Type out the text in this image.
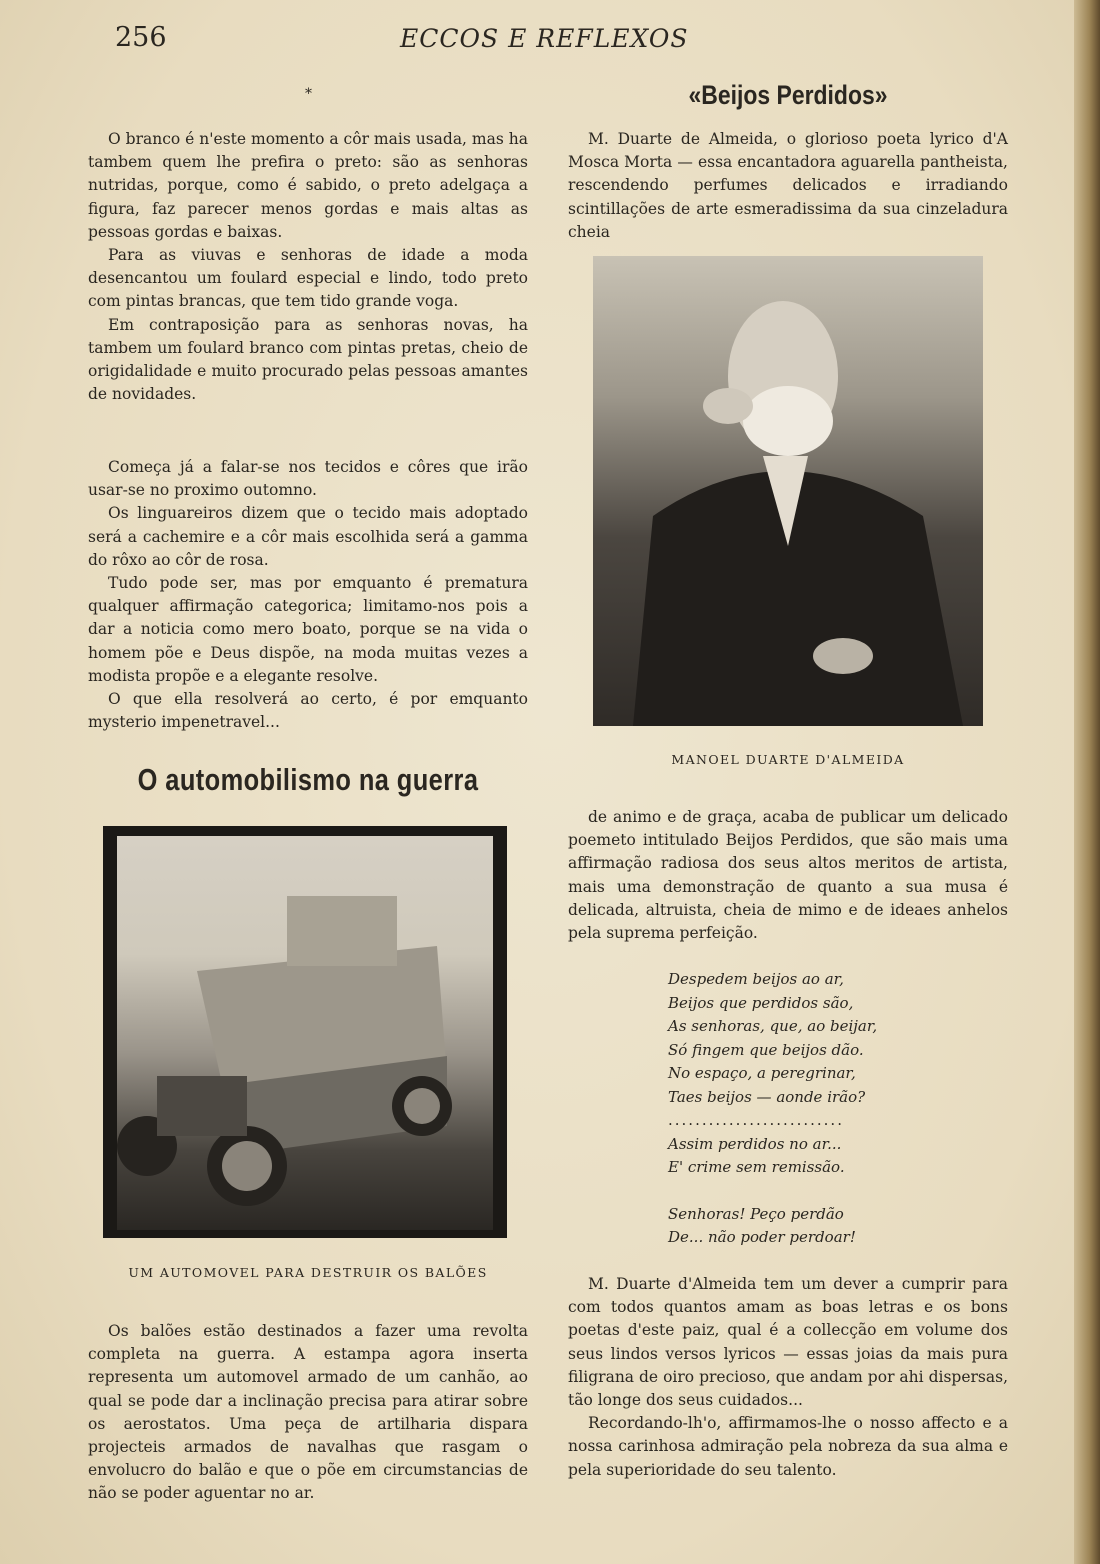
256	ECCOS E REFLEXOS
*

O branco é n'este momento a côr mais usada, mas ha tambem quem lhe prefira o preto: são as senhoras nutridas, porque, como é sabido, o preto adelgaça a figura, faz parecer menos gordas e mais altas as pessoas gordas e baixas.

Para as viuvas e senhoras de idade a moda desencantou um foulard especial e lindo, todo preto com pintas brancas, que tem tido grande voga.

Em contraposição para as senhoras novas, ha tambem um foulard branco com pintas pretas, cheio de origidalidade e muito procurado pelas pessoas amantes de novidades.

Começa já a falar-se nos tecidos e côres que irão usar-se no proximo outomno.

Os linguareiros dizem que o tecido mais adoptado será a cachemire e a côr mais escolhida será a gamma do rôxo ao côr de rosa.

Tudo pode ser, mas por emquanto é prematura qualquer affirmação categorica; limitamo-nos pois a dar a noticia como mero boato, porque se na vida o homem põe e Deus dispõe, na moda muitas vezes a modista propõe e a elegante resolve.

O que ella resolverá ao certo, é por emquanto mysterio impenetravel...

O automobilismo na guerra
UM AUTOMOVEL PARA DESTRUIR OS BALÕES

Os balões estão destinados a fazer uma revolta completa na guerra. A estampa agora inserta representa um automovel armado de um canhão, ao qual se pode dar a inclinação precisa para atirar sobre os aerostatos. Uma peça de artilharia dispara projecteis armados de navalhas que rasgam o envolucro do balão e que o põe em circumstancias de não se poder aguentar no ar.

«Beijos Perdidos»

M. Duarte de Almeida, o glorioso poeta lyrico d'A Mosca Morta — essa encantadora aguarella pantheista, rescendendo perfumes delicados e irradiando scintillações de arte esmeradissima da sua cinzeladura cheia

MANOEL DUARTE D'ALMEIDA

de animo e de graça, acaba de publicar um delicado poemeto intitulado Beijos Perdidos, que são mais uma affirmação radiosa dos seus altos meritos de artista, mais uma demonstração de quanto a sua musa é delicada, altruista, cheia de mimo e de ideaes anhelos pela suprema perfeição.

Despedem beijos ao ar,
Beijos que perdidos são,
As senhoras, que, ao beijar,
Só fingem que beijos dão.
No espaço, a peregrinar,
Taes beijos — aonde irão?
..........................
Assim perdidos no ar...
E' crime sem remissão.
Senhoras! Peço perdão
De... não poder perdoar!

M. Duarte d'Almeida tem um dever a cumprir para com todos quantos amam as boas letras e os bons poetas d'este paiz, qual é a collecção em volume dos seus lindos versos lyricos — essas joias da mais pura filigrana de oiro precioso, que andam por ahi dispersas, tão longe dos seus cuidados...

Recordando-lh'o, affirmamos-lhe o nosso affecto e a nossa carinhosa admiração pela nobreza da sua alma e pela superioridade do seu talento.
